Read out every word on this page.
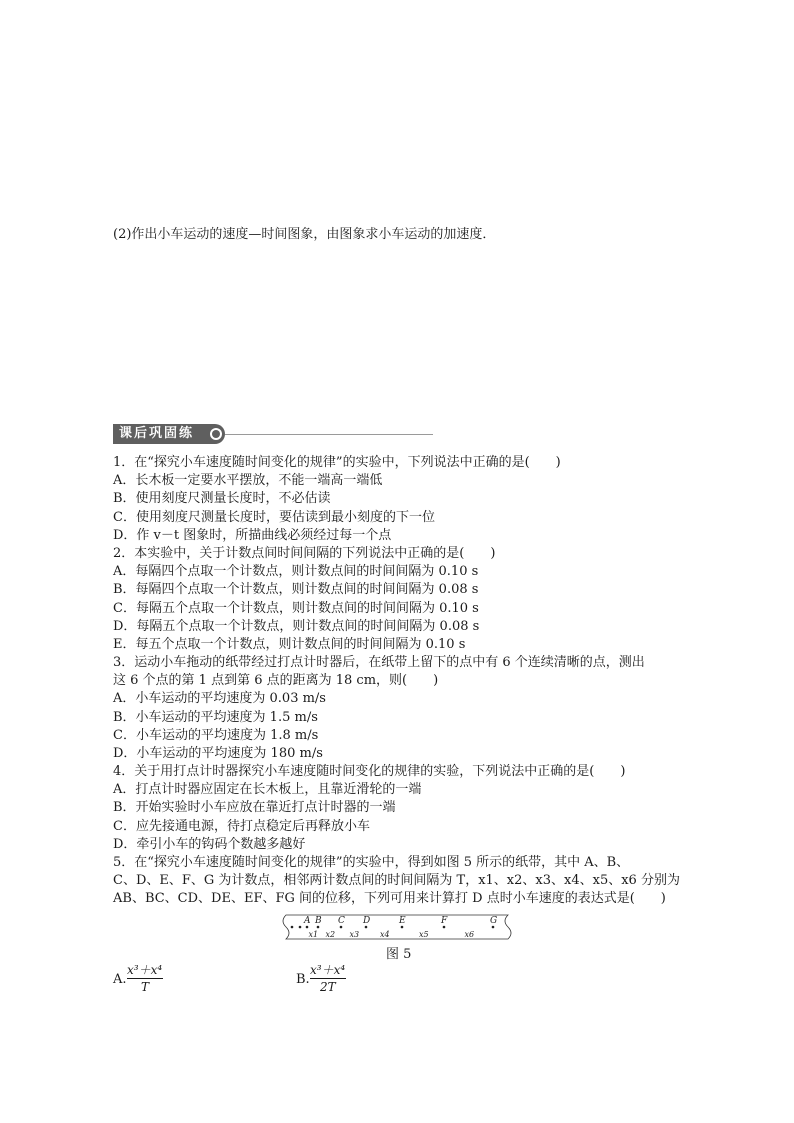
(2)作出小车运动的速度—时间图象，由图象求小车运动的加速度．
课后巩固练
1．在“探究小车速度随时间变化的规律”的实验中，下列说法中正确的是(　　)
A．长木板一定要水平摆放，不能一端高一端低
B．使用刻度尺测量长度时，不必估读
C．使用刻度尺测量长度时，要估读到最小刻度的下一位
D．作 v－t 图象时，所描曲线必须经过每一个点
2．本实验中，关于计数点间时间间隔的下列说法中正确的是(　　)
A．每隔四个点取一个计数点，则计数点间的时间间隔为 0.10 s
B．每隔四个点取一个计数点，则计数点间的时间间隔为 0.08 s
C．每隔五个点取一个计数点，则计数点间的时间间隔为 0.10 s
D．每隔五个点取一个计数点，则计数点间的时间间隔为 0.08 s
E．每五个点取一个计数点，则计数点间的时间间隔为 0.10 s
3．运动小车拖动的纸带经过打点计时器后，在纸带上留下的点中有 6 个连续清晰的点，测出
这 6 个点的第 1 点到第 6 点的距离为 18 cm，则(　　)
A．小车运动的平均速度为 0.03 m/s
B．小车运动的平均速度为 1.5 m/s
C．小车运动的平均速度为 1.8 m/s
D．小车运动的平均速度为 180 m/s
4．关于用打点计时器探究小车速度随时间变化的规律的实验，下列说法中正确的是(　　)
A．打点计时器应固定在长木板上，且靠近滑轮的一端
B．开始实验时小车应放在靠近打点计时器的一端
C．应先接通电源，待打点稳定后再释放小车
D．牵引小车的钩码个数越多越好
5．在“探究小车速度随时间变化的规律”的实验中，得到如图 5 所示的纸带，其中 A、B、
C、D、E、F、G 为计数点，相邻两计数点间的时间间隔为 T，x1、x2、x3、x4、x5、x6 分别为
AB、BC、CD、DE、EF、FG 间的位移，下列可用来计算打 D 点时小车速度的表达式是(　　)
A B C D	E	F	G
x1 x2 x3	x4	x5	x6
图 5
A.
x³＋x⁴
T	B.
x³＋x⁴
2T
